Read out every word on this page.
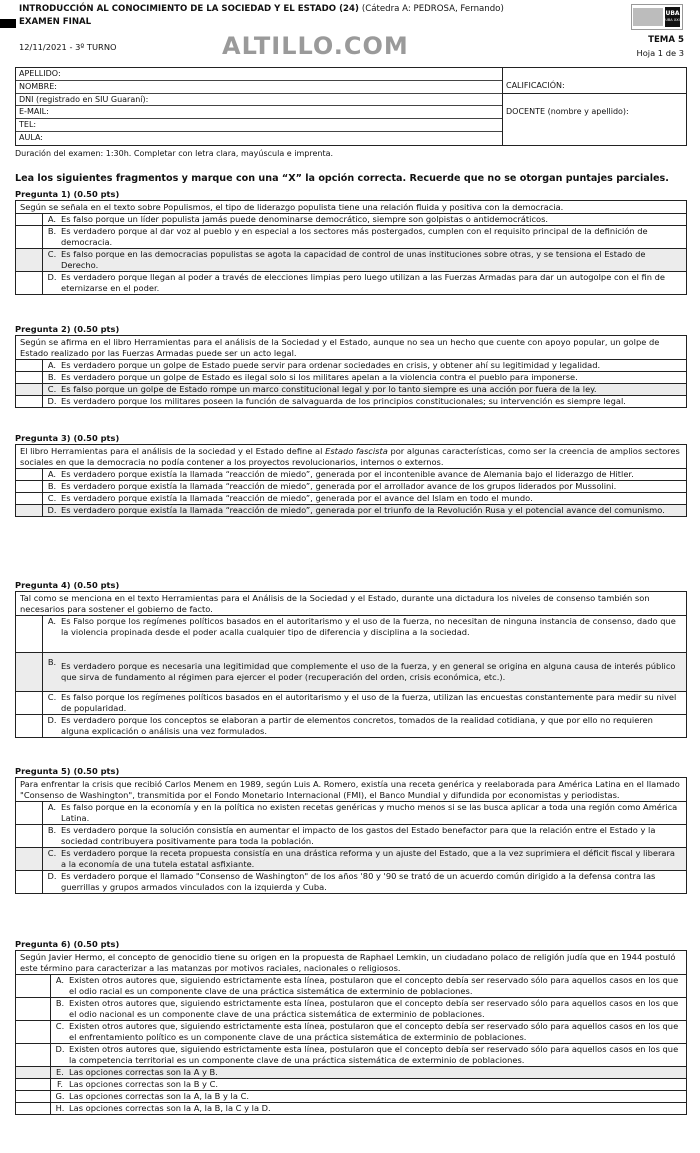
INTRODUCCIÓN AL CONOCIMIENTO DE LA SOCIEDAD Y EL ESTADO (24) (Cátedra A: PEDROSA, Fernando)
EXAMEN FINAL
12/11/2021 - 3º TURNO	ALTILLO.COM
UBA
UBA XXI
TEMA 5
Hoja 1 de 3
APELLIDO:
NOMBRE:
DNI (registrado en SIU Guaraní):
E-MAIL:
TEL:
AULA:
CALIFICACIÓN:
DOCENTE (nombre y apellido):
Duración del examen: 1:30h. Completar con letra clara, mayúscula e imprenta.
Lea los siguientes fragmentos y marque con una “X” la opción correcta. Recuerde que no se otorgan puntajes parciales.
Pregunta 1) (0.50 pts)
Según se señala en el texto sobre Populismos, el tipo de liderazgo populista tiene una relación fluida y positiva con la democracia.
A. Es falso porque un líder populista jamás puede denominarse democrático, siempre son golpistas o antidemocráticos.
B. Es verdadero porque al dar voz al pueblo y en especial a los sectores más postergados, cumplen con el requisito principal de la definición de democracia.
C. Es falso porque en las democracias populistas se agota la capacidad de control de unas instituciones sobre otras, y se tensiona el Estado de Derecho.
D. Es verdadero porque llegan al poder a través de elecciones limpias pero luego utilizan a las Fuerzas Armadas para dar un autogolpe con el fin de eternizarse en el poder.
Pregunta 2) (0.50 pts)
Según se afirma en el libro Herramientas para el análisis de la Sociedad y el Estado, aunque no sea un hecho que cuente con apoyo popular, un golpe de Estado realizado por las Fuerzas Armadas puede ser un acto legal.
A. Es verdadero porque un golpe de Estado puede servir para ordenar sociedades en crisis, y obtener ahí su legitimidad y legalidad.
B. Es verdadero porque un golpe de Estado es ilegal solo si los militares apelan a la violencia contra el pueblo para imponerse.
C. Es falso porque un golpe de Estado rompe un marco constitucional legal y por lo tanto siempre es una acción por fuera de la ley.
D. Es verdadero porque los militares poseen la función de salvaguarda de los principios constitucionales; su intervención es siempre legal.
Pregunta 3) (0.50 pts)
El libro Herramientas para el análisis de la sociedad y el Estado define al Estado fascista por algunas características, como ser la creencia de amplios sectores sociales en que la democracia no podía contener a los proyectos revolucionarios, internos o externos.
A. Es verdadero porque existía la llamada “reacción de miedo”, generada por el incontenible avance de Alemania bajo el liderazgo de Hitler.
B. Es verdadero porque existía la llamada “reacción de miedo”, generada por el arrollador avance de los grupos liderados por Mussolini.
C. Es verdadero porque existía la llamada “reacción de miedo”, generada por el avance del Islam en todo el mundo.
D. Es verdadero porque existía la llamada “reacción de miedo”, generada por el triunfo de la Revolución Rusa y el potencial avance del comunismo.
Pregunta 4) (0.50 pts)
Tal como se menciona en el texto Herramientas para el Análisis de la Sociedad y el Estado, durante una dictadura los niveles de consenso también son necesarios para sostener el gobierno de facto.
A. Es Falso porque los regímenes políticos basados en el autoritarismo y el uso de la fuerza, no necesitan de ninguna instancia de consenso, dado que la violencia propinada desde el poder acalla cualquier tipo de diferencia y disciplina a la sociedad.
B. Es verdadero porque es necesaria una legitimidad que complemente el uso de la fuerza, y en general se origina en alguna causa de interés público que sirva de fundamento al régimen para ejercer el poder (recuperación del orden, crisis económica, etc.).
C. Es falso porque los regímenes políticos basados en el autoritarismo y el uso de la fuerza, utilizan las encuestas constantemente para medir su nivel de popularidad.
D. Es verdadero porque los conceptos se elaboran a partir de elementos concretos, tomados de la realidad cotidiana, y que por ello no requieren alguna explicación o análisis una vez formulados.
Pregunta 5) (0.50 pts)
Para enfrentar la crisis que recibió Carlos Menem en 1989, según Luis A. Romero, existía una receta genérica y reelaborada para América Latina en el llamado "Consenso de Washington", transmitida por el Fondo Monetario Internacional (FMI), el Banco Mundial y difundida por economistas y periodistas.
A. Es falso porque en la economía y en la política no existen recetas genéricas y mucho menos si se las busca aplicar a toda una región como América Latina.
B. Es verdadero porque la solución consistía en aumentar el impacto de los gastos del Estado benefactor para que la relación entre el Estado y la sociedad contribuyera positivamente para toda la población.
C. Es verdadero porque la receta propuesta consistía en una drástica reforma y un ajuste del Estado, que a la vez suprimiera el déficit fiscal y liberara a la economía de una tutela estatal asfixiante.
D. Es verdadero porque el llamado "Consenso de Washington" de los años '80 y '90 se trató de un acuerdo común dirigido a la defensa contra las guerrillas y grupos armados vinculados con la izquierda y Cuba.
Pregunta 6) (0.50 pts)
Según Javier Hermo, el concepto de genocidio tiene su origen en la propuesta de Raphael Lemkin, un ciudadano polaco de religión judía que en 1944 postuló este término para caracterizar a las matanzas por motivos raciales, nacionales o religiosos.
A. Existen otros autores que, siguiendo estrictamente esta línea, postularon que el concepto debía ser reservado sólo para aquellos casos en los que el odio racial es un componente clave de una práctica sistemática de exterminio de poblaciones.
B. Existen otros autores que, siguiendo estrictamente esta línea, postularon que el concepto debía ser reservado sólo para aquellos casos en los que el odio nacional es un componente clave de una práctica sistemática de exterminio de poblaciones.
C. Existen otros autores que, siguiendo estrictamente esta línea, postularon que el concepto debía ser reservado sólo para aquellos casos en los que el enfrentamiento político es un componente clave de una práctica sistemática de exterminio de poblaciones.
D. Existen otros autores que, siguiendo estrictamente esta línea, postularon que el concepto debía ser reservado sólo para aquellos casos en los que la competencia territorial es un componente clave de una práctica sistemática de exterminio de poblaciones.
E. Las opciones correctas son la A y B.
F. Las opciones correctas son la B y C.
G. Las opciones correctas son la A, la B y la C.
H. Las opciones correctas son la A, la B, la C y la D.
